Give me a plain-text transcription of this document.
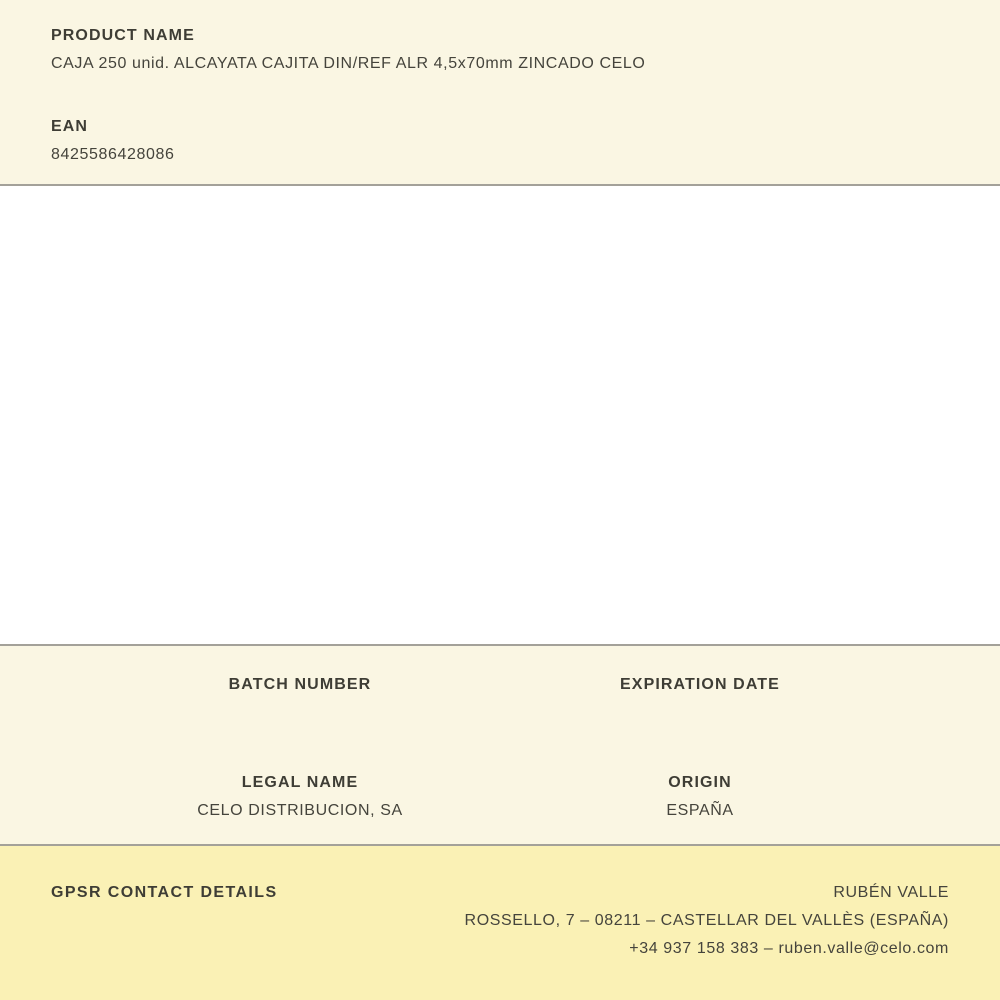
PRODUCT NAME
CAJA 250 unid. ALCAYATA CAJITA DIN/REF ALR 4,5x70mm ZINCADO CELO
EAN
8425586428086
BATCH NUMBER	EXPIRATION DATE
LEGAL NAME
CELO DISTRIBUCION, SA
ORIGIN
ESPAÑA
GPSR CONTACT DETAILS	RUBÉN VALLE
ROSSELLO, 7 – 08211 – CASTELLAR DEL VALLÈS (ESPAÑA)
+34 937 158 383 – ruben.valle@celo.com
